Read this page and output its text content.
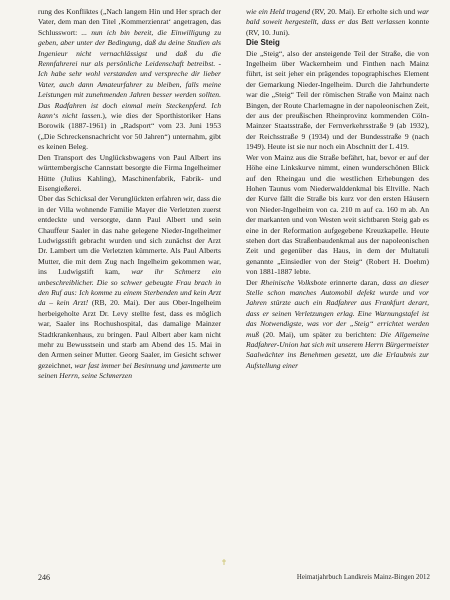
rung des Konfliktes („Nach langem Hin und Her sprach der Vater, dem man den Titel ‚Kommerzienrat‘ angetragen, das Schlusswort: ... nun ich bin bereit, die Einwilligung zu geben, aber unter der Bedingung, daß du deine Studien als Ingenieur nicht vernachlässigst und daß du die Rennfahrerei nur als persönliche Leidenschaft betreibst. - Ich habe sehr wohl verstanden und verspreche dir lieber Vater, auch dann Amateurfahrer zu bleiben, falls meine Leistungen mit zunehmenden Jahren besser werden sollten. Das Radfahren ist doch einmal mein Steckenpferd. Ich kann‘s nicht lassen.), wie dies der Sporthistoriker Hans Borowik (1887-1961) in „Radsport“ vom 23. Juni 1953 („Die Schreckensnachricht vor 50 Jahren“) unternahm, gibt es keinen Beleg.

Den Transport des Unglücksbwagens von Paul Albert ins württembergische Cannstatt besorgte die Firma Ingelheimer Hütte (Julius Kahling), Maschinenfabrik, Fabrik- und Eisengießerei.

Über das Schicksal der Verunglückten erfahren wir, dass die in der Villa wohnende Familie Mayer die Verletzten zuerst entdeckte und versorgte, dann Paul Albert und sein Chauffeur Saaler in das nahe gelegene Nieder-Ingelheimer Ludwigsstift gebracht wurden und sich zunächst der Arzt Dr. Lambert um die Verletzten kümmerte. Als Paul Alberts Mutter, die mit dem Zug nach Ingelheim gekommen war, ins Ludwigstift kam, war ihr Schmerz ein unbeschreiblicher. Die so schwer gebeugte Frau brach in den Ruf aus: Ich komme zu einem Sterbenden und kein Arzt da – kein Arzt! (RB, 20. Mai). Der aus Ober-Ingelheim herbeigeholte Arzt Dr. Levy stellte fest, dass es möglich war, Saaler ins Rochushospital, das damalige Mainzer Stadtkrankenhaus, zu bringen. Paul Albert aber kam nicht mehr zu Bewusstsein und starb am Abend des 15. Mai in den Armen seiner Mutter. Georg Saaler, im Gesicht schwer gezeichnet, war fast immer bei Besinnung und jammerte um seinen Herrn, seine Schmerzen

wie ein Held tragend (RV, 20. Mai). Er erholte sich und war bald soweit hergestellt, dass er das Bett verlassen konnte (RV, 10. Juni).

Die Steig

Die „Steig“, also der ansteigende Teil der Straße, die von Ingelheim über Wackernheim und Finthen nach Mainz führt, ist seit jeher ein prägendes topographisches Element der Gemarkung Nieder-Ingelheim. Durch die Jahrhunderte war die „Steig“ Teil der römischen Straße von Mainz nach Bingen, der Route Charlemagne in der napoleonischen Zeit, der aus der preußischen Rheinprovinz kommenden Cöln-Mainzer Staatsstraße, der Fernverkehrsstraße 9 (ab 1932), der Reichsstraße 9 (1934) und der Bundesstraße 9 (nach 1949). Heute ist sie nur noch ein Abschnitt der L 419.

Wer von Mainz aus die Straße befährt, hat, bevor er auf der Höhe eine Linkskurve nimmt, einen wunderschönen Blick auf den Rheingau und die westlichen Erhebungen des Hohen Taunus vom Niederwalddenkmal bis Eltville. Nach der Kurve fällt die Straße bis kurz vor den ersten Häusern von Nieder-Ingelheim von ca. 210 m auf ca. 160 m ab. An der markanten und von Westen weit sichtbaren Steig gab es eine in der Reformation aufgegebene Kreuzkapelle. Heute stehen dort das Straßenbaudenkmal aus der napoleonischen Zeit und gegenüber das Haus, in dem der Multatuli genannte „Einsiedler von der Steig“ (Robert H. Doehm) von 1881-1887 lebte.

Der Rheinische Volksbote erinnerte daran, dass an dieser Stelle schon manches Automobil defekt wurde und vor Jahren stürzte auch ein Radfahrer aus Frankfurt derart, dass er seinen Verletzungen erlag. Eine Warnungstafel ist das Notwendigste, was vor der „Steig“ errichtet werden muß (20. Mai), um später zu berichten: Die Allgemeine Radfahrer-Union hat sich mit unserem Herrn Bürgermeister Saalwächter ins Benehmen gesetzt, um die Erlaubnis zur Aufstellung einer

246	Heimatjahrbuch Landkreis Mainz-Bingen 2012
